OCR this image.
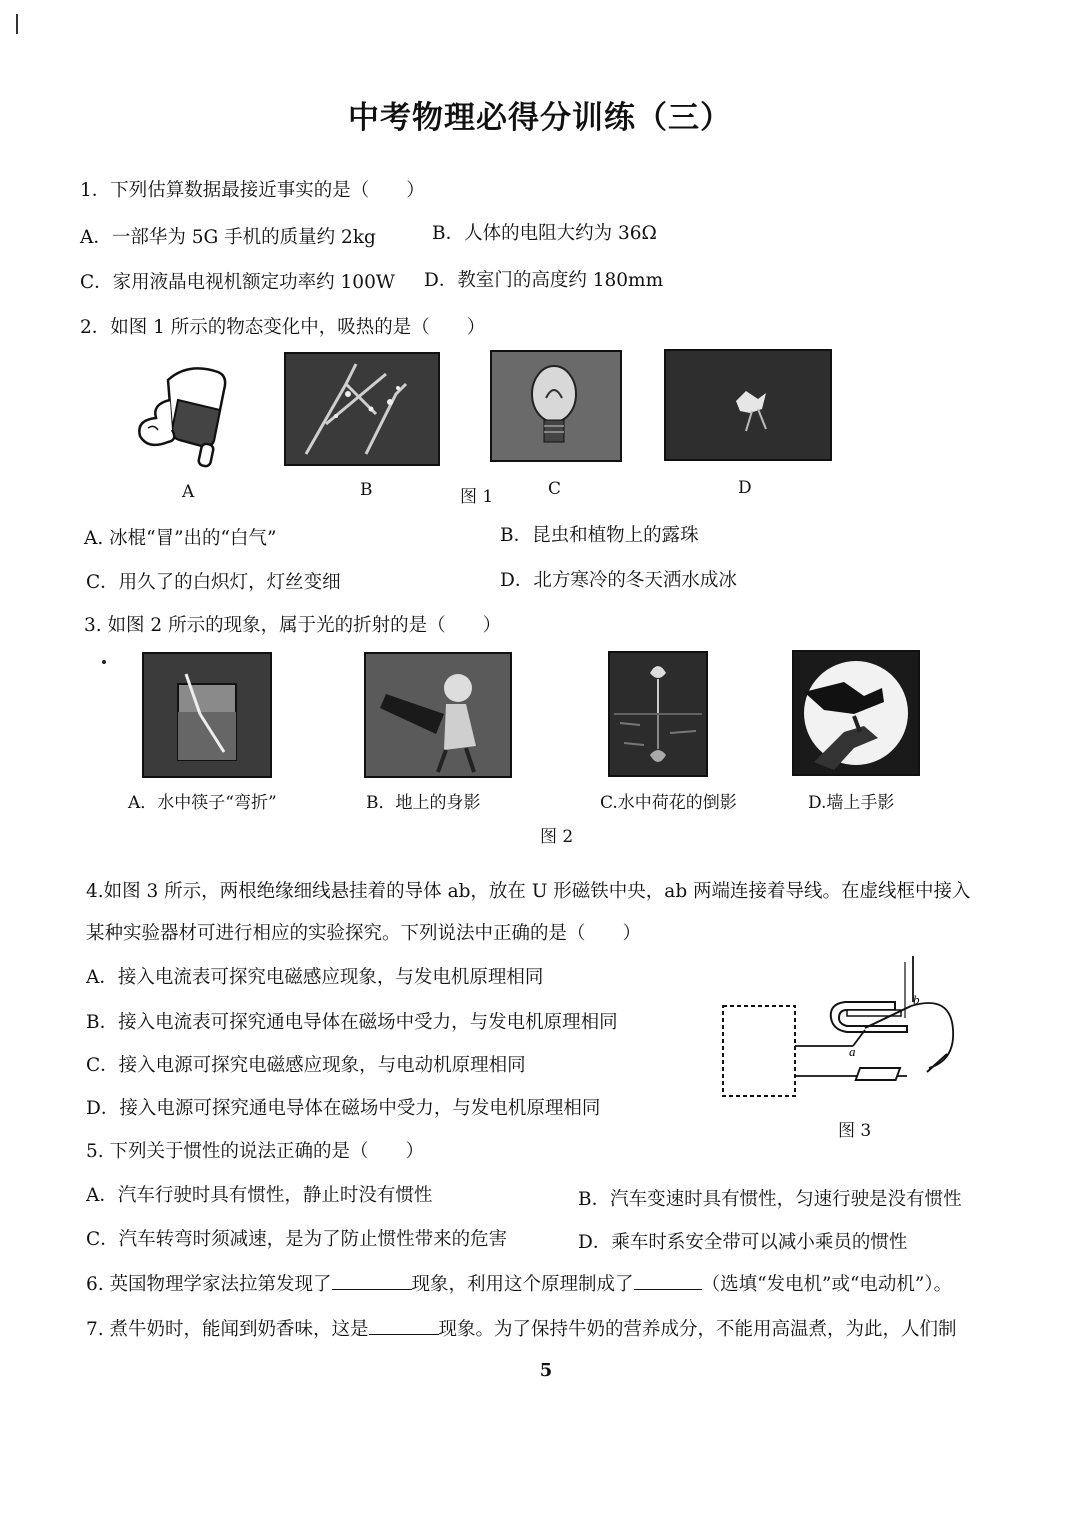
中考物理必得分训练（三）
1．下列估算数据最接近事实的是（　　）
A．一部华为 5G 手机的质量约 2kg	B．人体的电阻大约为 36Ω
C．家用液晶电视机额定功率约 100W D．教室门的高度约 180mm
2．如图 1 所示的物态变化中，吸热的是（　　）
A	B	图 1	C	D
A. 冰棍“冒”出的“白气”	B．昆虫和植物上的露珠
C．用久了的白炽灯，灯丝变细	D．北方寒冷的冬天洒水成冰
3. 如图 2 所示的现象，属于光的折射的是（　　）
A．水中筷子“弯折”	B．地上的身影	C.水中荷花的倒影	D.墙上手影
图 2
4.如图 3 所示，两根绝缘细线悬挂着的导体 ab，放在 U 形磁铁中央，ab 两端连接着导线。在虚线框中接入
某种实验器材可进行相应的实验探究。下列说法中正确的是（　　）
A．接入电流表可探究电磁感应现象，与发电机原理相同
B．接入电流表可探究通电导体在磁场中受力，与发电机原理相同
C．接入电源可探究电磁感应现象，与电动机原理相同
D．接入电源可探究通电导体在磁场中受力，与发电机原理相同
b
a
图 3
5. 下列关于惯性的说法正确的是（　　）
A．汽车行驶时具有惯性，静止时没有惯性	B．汽车变速时具有惯性，匀速行驶是没有惯性
C．汽车转弯时须减速，是为了防止惯性带来的危害	D．乘车时系安全带可以减小乘员的惯性
6. 英国物理学家法拉第发现了	现象，利用这个原理制成了	（选填“发电机”或“电动机”）。
7. 煮牛奶时，能闻到奶香味，这是	现象。为了保持牛奶的营养成分，不能用高温煮，为此，人们制
5
